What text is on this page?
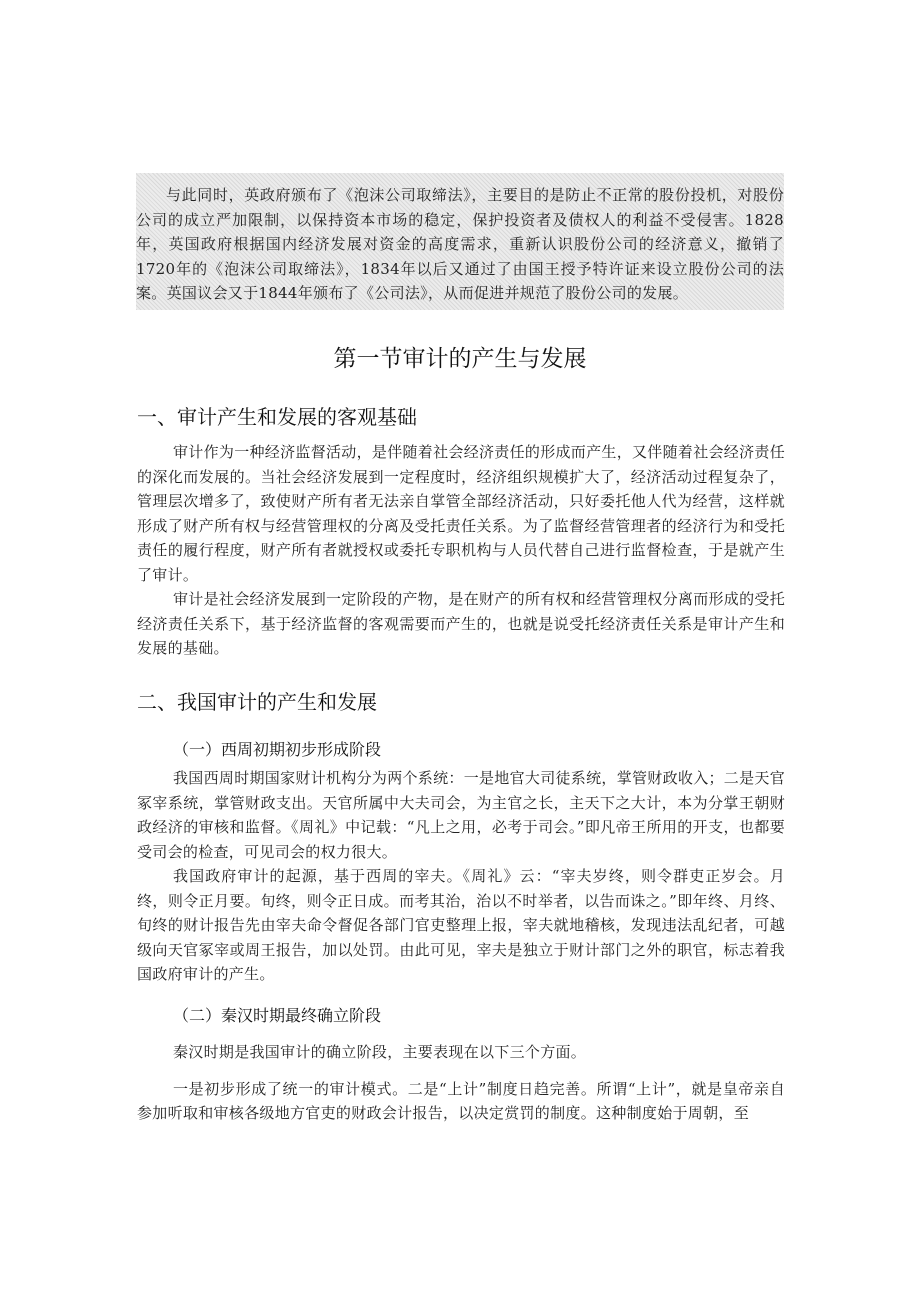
与此同时，英政府颁布了《泡沫公司取缔法》，主要目的是防止不正常的股份投机，对股份公司的成立严加限制，以保持资本市场的稳定，保护投资者及债权人的利益不受侵害。1828年，英国政府根据国内经济发展对资金的高度需求，重新认识股份公司的经济意义，撤销了1720年的《泡沫公司取缔法》，1834年以后又通过了由国王授予特许证来设立股份公司的法案。英国议会又于1844年颁布了《公司法》，从而促进并规范了股份公司的发展。

第一节审计的产生与发展
一、审计产生和发展的客观基础

审计作为一种经济监督活动，是伴随着社会经济责任的形成而产生，又伴随着社会经济责任的深化而发展的。当社会经济发展到一定程度时，经济组织规模扩大了，经济活动过程复杂了，管理层次增多了，致使财产所有者无法亲自掌管全部经济活动，只好委托他人代为经营，这样就形成了财产所有权与经营管理权的分离及受托责任关系。为了监督经营管理者的经济行为和受托责任的履行程度，财产所有者就授权或委托专职机构与人员代替自己进行监督检查，于是就产生了审计。

审计是社会经济发展到一定阶段的产物，是在财产的所有权和经营管理权分离而形成的受托经济责任关系下，基于经济监督的客观需要而产生的，也就是说受托经济责任关系是审计产生和发展的基础。

二、我国审计的产生和发展
（一）西周初期初步形成阶段

我国西周时期国家财计机构分为两个系统：一是地官大司徒系统，掌管财政收入；二是天官冢宰系统，掌管财政支出。天官所属中大夫司会，为主官之长，主天下之大计，本为分掌王朝财政经济的审核和监督。《周礼》中记载：“凡上之用，必考于司会。”即凡帝王所用的开支，也都要受司会的检查，可见司会的权力很大。

我国政府审计的起源，基于西周的宰夫。《周礼》云：“宰夫岁终，则令群吏正岁会。月终，则令正月要。旬终，则令正日成。而考其治，治以不时举者，以告而诛之。”即年终、月终、旬终的财计报告先由宰夫命令督促各部门官吏整理上报，宰夫就地稽核，发现违法乱纪者，可越级向天官冢宰或周王报告，加以处罚。由此可见，宰夫是独立于财计部门之外的职官，标志着我国政府审计的产生。

（二）秦汉时期最终确立阶段

秦汉时期是我国审计的确立阶段，主要表现在以下三个方面。

一是初步形成了统一的审计模式。二是“上计”制度日趋完善。所谓“上计”，就是皇帝亲自参加听取和审核各级地方官吏的财政会计报告，以决定赏罚的制度。这种制度始于周朝，至
